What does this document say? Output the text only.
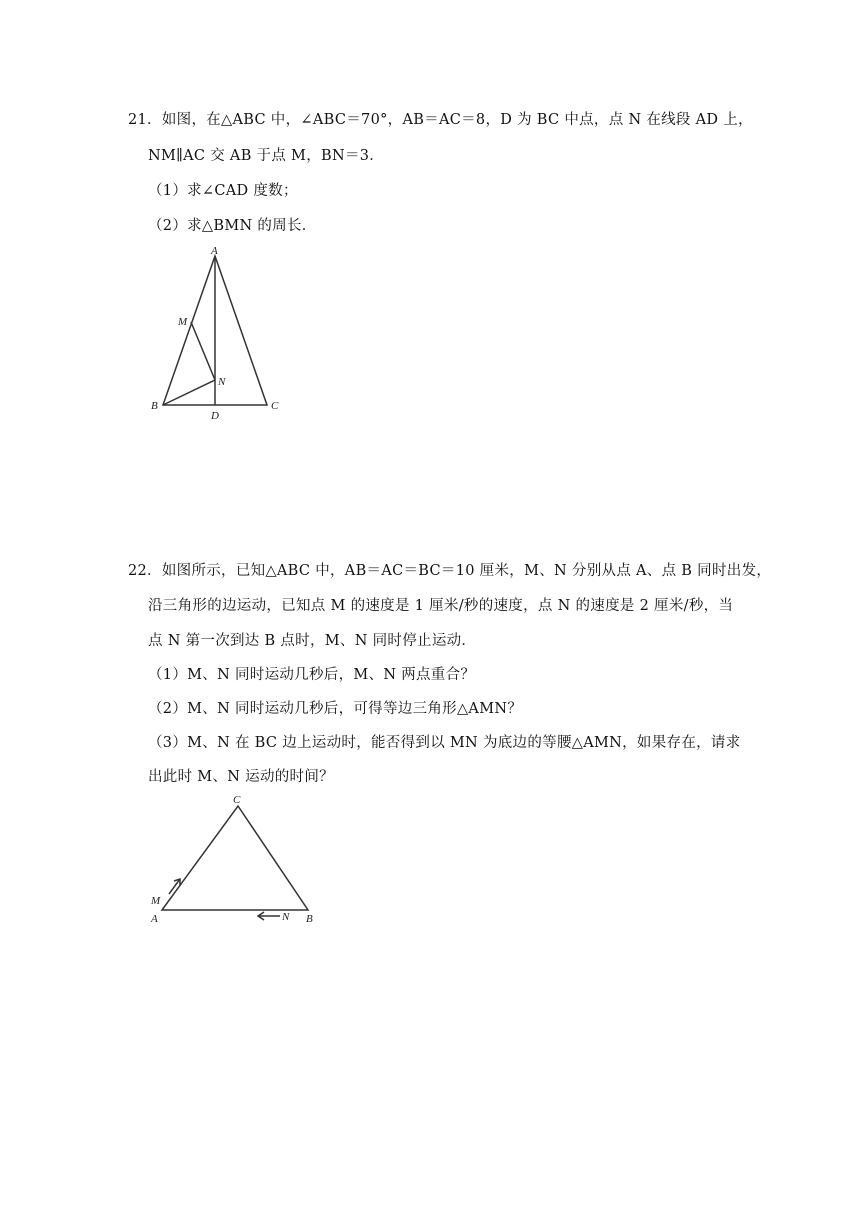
21．如图，在△ABC 中，∠ABC＝70°，AB＝AC＝8，D 为 BC 中点，点 N 在线段 AD 上，
NM∥AC 交 AB 于点 M，BN＝3．
（1）求∠CAD 度数；
（2）求△BMN 的周长．
A
M
N
B
D
C
22．如图所示，已知△ABC 中，AB＝AC＝BC＝10 厘米，M、N 分别从点 A、点 B 同时出发，
沿三角形的边运动，已知点 M 的速度是 1 厘米/秒的速度，点 N 的速度是 2 厘米/秒，当
点 N 第一次到达 B 点时，M、N 同时停止运动．
（1）M、N 同时运动几秒后，M、N 两点重合？
（2）M、N 同时运动几秒后，可得等边三角形△AMN？
（3）M、N 在 BC 边上运动时，能否得到以 MN 为底边的等腰△AMN，如果存在，请求
出此时 M、N 运动的时间？
C
M
A	N B
